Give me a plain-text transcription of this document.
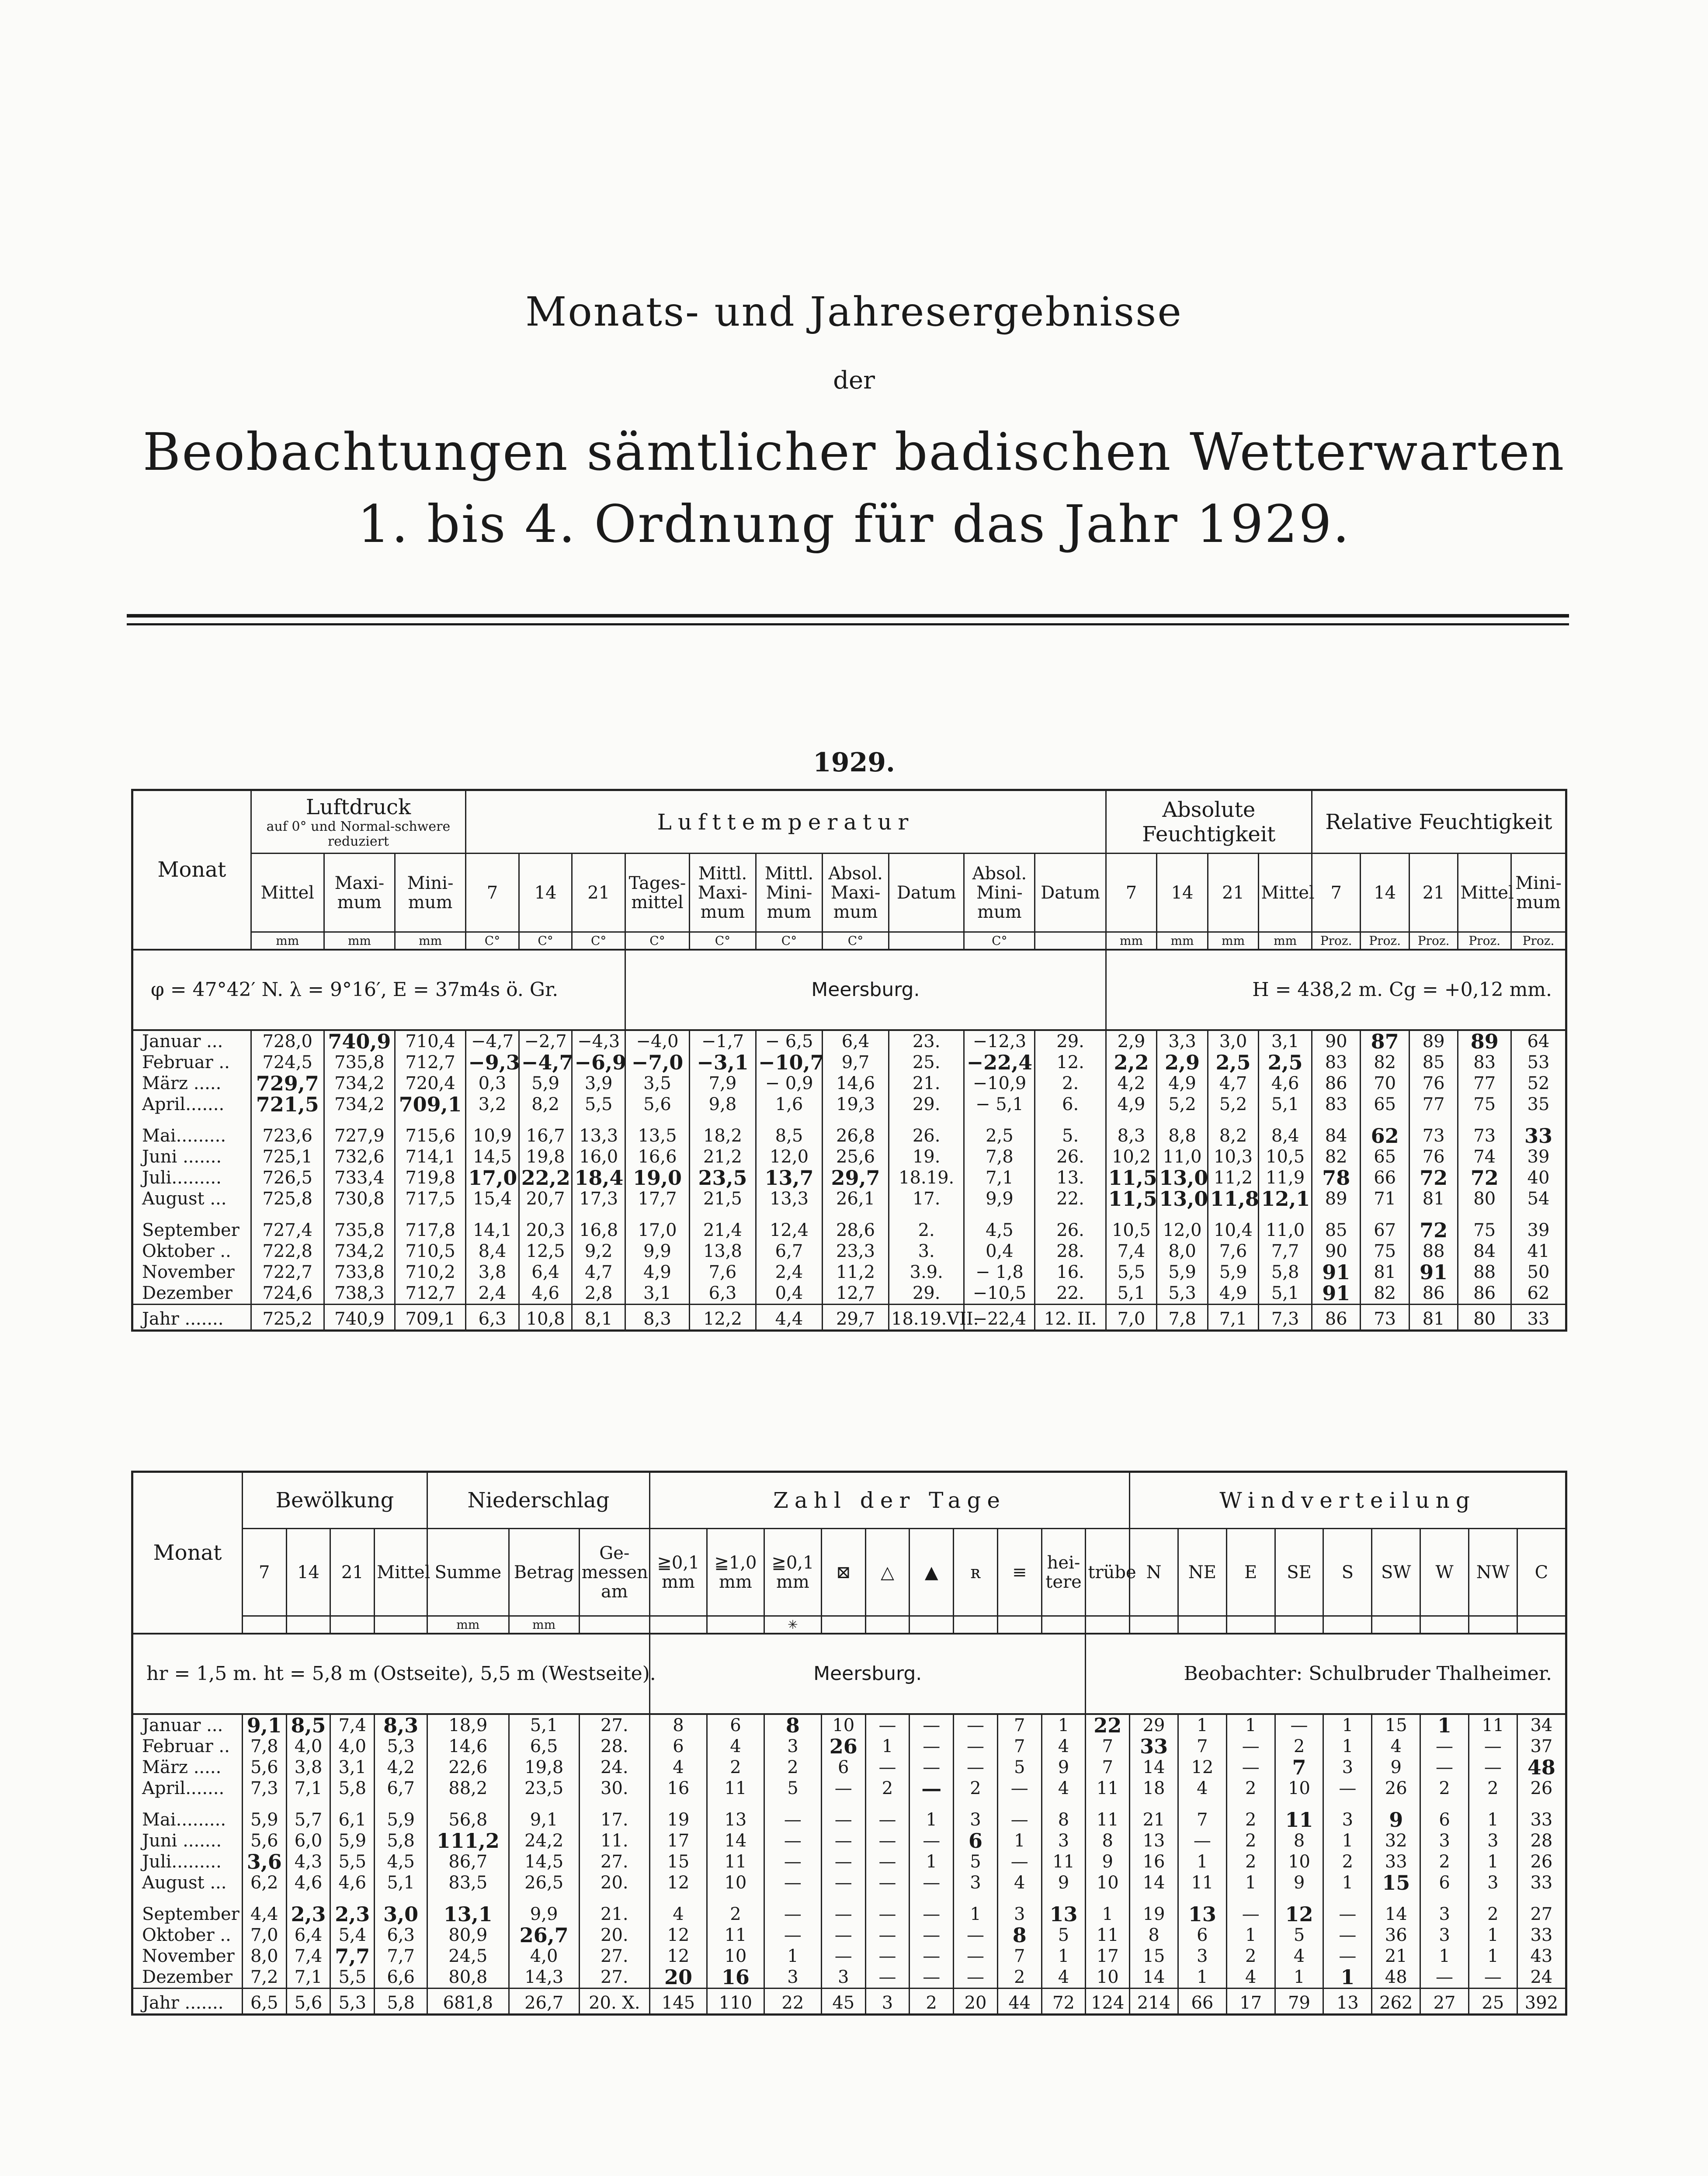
Monats- und Jahresergebnisse
der
Beobachtungen sämtlicher badischen Wetterwarten
1. bis 4. Ordnung für das Jahr 1929.
1929.
Monat	Luftdruck
auf 0° und Normal-schwere reduziert			Lufttemperatur										Absolute Feuchtigkeit				Relative Feuchtigkeit				
	Mittel	Maxi-mum	Mini-mum	7	14	21	Tages-mittel	Mittl. Maxi-mum	Mittl. Mini-mum	Absol. Maxi-mum	Datum	Absol. Mini-mum	Datum	7	14	21	Mittel	7	14	21	Mittel	Mini-mum
	mm	mm	mm	C°	C°	C°	C°	C°	C°	C°		C°		mm	mm	mm	mm	Proz.	Proz.	Proz.	Proz.	Proz.
φ = 47°42′ N. λ = 9°16′, E = 37m4s ö. Gr.							Meersburg.							H = 438,2 m. Cg = +0,12 mm.								
Januar ...	728,0	740,9	710,4	−4,7	−2,7	−4,3	−4,0	−1,7	− 6,5	6,4	23.	−12,3	29.	2,9	3,3	3,0	3,1	90	87	89	89	64
Februar ..	724,5	735,8	712,7	−9,3	−4,7	−6,9	−7,0	−3,1	−10,7	9,7	25.	−22,4	12.	2,2	2,9	2,5	2,5	83	82	85	83	53
März .....	729,7	734,2	720,4	0,3	5,9	3,9	3,5	7,9	− 0,9	14,6	21.	−10,9	2.	4,2	4,9	4,7	4,6	86	70	76	77	52
April.......	721,5	734,2	709,1	3,2	8,2	5,5	5,6	9,8	1,6	19,3	29.	− 5,1	6.	4,9	5,2	5,2	5,1	83	65	77	75	35
Mai.........	723,6	727,9	715,6	10,9	16,7	13,3	13,5	18,2	8,5	26,8	26.	2,5	5.	8,3	8,8	8,2	8,4	84	62	73	73	33
Juni .......	725,1	732,6	714,1	14,5	19,8	16,0	16,6	21,2	12,0	25,6	19.	7,8	26.	10,2	11,0	10,3	10,5	82	65	76	74	39
Juli.........	726,5	733,4	719,8	17,0	22,2	18,4	19,0	23,5	13,7	29,7	18.19.	7,1	13.	11,5	13,0	11,2	11,9	78	66	72	72	40
August ...	725,8	730,8	717,5	15,4	20,7	17,3	17,7	21,5	13,3	26,1	17.	9,9	22.	11,5	13,0	11,8	12,1	89	71	81	80	54
September	727,4	735,8	717,8	14,1	20,3	16,8	17,0	21,4	12,4	28,6	2.	4,5	26.	10,5	12,0	10,4	11,0	85	67	72	75	39
Oktober ..	722,8	734,2	710,5	8,4	12,5	9,2	9,9	13,8	6,7	23,3	3.	0,4	28.	7,4	8,0	7,6	7,7	90	75	88	84	41
November	722,7	733,8	710,2	3,8	6,4	4,7	4,9	7,6	2,4	11,2	3.9.	− 1,8	16.	5,5	5,9	5,9	5,8	91	81	91	88	50
Dezember	724,6	738,3	712,7	2,4	4,6	2,8	3,1	6,3	0,4	12,7	29.	−10,5	22.	5,1	5,3	4,9	5,1	91	82	86	86	62
Jahr .......	725,2	740,9	709,1	6,3	10,8	8,1	8,3	12,2	4,4	29,7	18.19.VII.	−22,4	12. II.	7,0	7,8	7,1	7,3	86	73	81	80	33
Monat	Bewölkung				Niederschlag			Zahl der Tage										Windverteilung								
	7	14	21	Mittel	Summe	Betrag	Ge-messen am	≧0,1 mm	≧1,0 mm	≧0,1 mm	⊠	△	▲	ʀ	≡	hei-tere	trübe	N	NE	E	SE	S	SW	W	NW	C
					mm	mm				✳																
hr = 1,5 m. ht = 5,8 m (Ostseite), 5,5 m (Westseite).								Meersburg.									Beobachter: Schulbruder Thalheimer.									
Januar ...	9,1	8,5	7,4	8,3	18,9	5,1	27.	8	6	8	10	—	—	—	7	1	22	29	1	1	—	1	15	1	11	34
Februar ..	7,8	4,0	4,0	5,3	14,6	6,5	28.	6	4	3	26	1	—	—	7	4	7	33	7	—	2	1	4	—	—	37
März .....	5,6	3,8	3,1	4,2	22,6	19,8	24.	4	2	2	6	—	—	—	5	9	7	14	12	—	7	3	9	—	—	48
April.......	7,3	7,1	5,8	6,7	88,2	23,5	30.	16	11	5	—	2	—	2	—	4	11	18	4	2	10	—	26	2	2	26
Mai.........	5,9	5,7	6,1	5,9	56,8	9,1	17.	19	13	—	—	—	1	3	—	8	11	21	7	2	11	3	9	6	1	33
Juni .......	5,6	6,0	5,9	5,8	111,2	24,2	11.	17	14	—	—	—	—	6	1	3	8	13	—	2	8	1	32	3	3	28
Juli.........	3,6	4,3	5,5	4,5	86,7	14,5	27.	15	11	—	—	—	1	5	—	11	9	16	1	2	10	2	33	2	1	26
August ...	6,2	4,6	4,6	5,1	83,5	26,5	20.	12	10	—	—	—	—	3	4	9	10	14	11	1	9	1	15	6	3	33
September	4,4	2,3	2,3	3,0	13,1	9,9	21.	4	2	—	—	—	—	1	3	13	1	19	13	—	12	—	14	3	2	27
Oktober ..	7,0	6,4	5,4	6,3	80,9	26,7	20.	12	11	—	—	—	—	—	8	5	11	8	6	1	5	—	36	3	1	33
November	8,0	7,4	7,7	7,7	24,5	4,0	27.	12	10	1	—	—	—	—	7	1	17	15	3	2	4	—	21	1	1	43
Dezember	7,2	7,1	5,5	6,6	80,8	14,3	27.	20	16	3	3	—	—	—	2	4	10	14	1	4	1	1	48	—	—	24
Jahr .......	6,5	5,6	5,3	5,8	681,8	26,7	20. X.	145	110	22	45	3	2	20	44	72	124	214	66	17	79	13	262	27	25	392
